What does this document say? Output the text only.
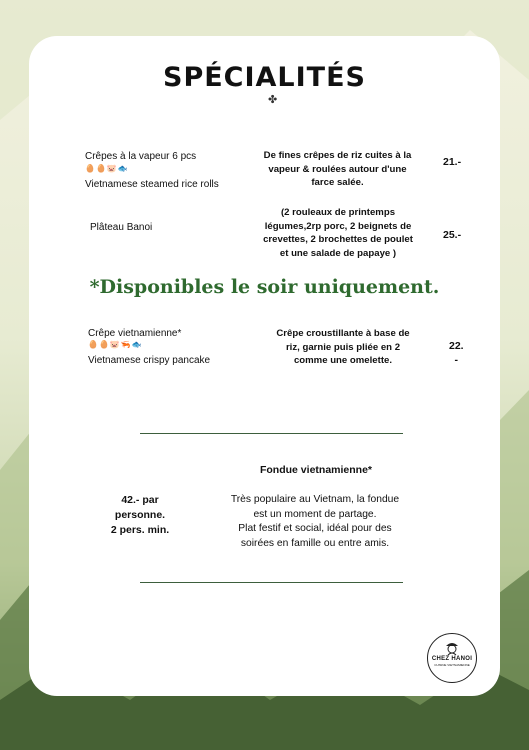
SPÉCIALITÉS
✤
Crêpes à la vapeur 6 pcs
🥚🥚🐷🐟
Vietnamese steamed rice rolls
De fines crêpes de riz cuites à la
vapeur & roulées autour d'une
farce salée.
21.-
Plâteau Banoi
(2 rouleaux de printemps
légumes,2rp porc, 2 beignets de
crevettes, 2 brochettes de poulet
et une salade de papaye )
25.-
*Disponibles le soir uniquement.
Crêpe vietnamienne*
🥚🥚🐷🦐🐟
Vietnamese crispy pancake
Crêpe croustillante à base de
riz, garnie puis pliée en 2
comme une omelette.
22.
-
Fondue vietnamienne*
42.- par
personne.
2 pers. min.
Très populaire au Vietnam, la fondue
est un moment de partage.
Plat festif et social, idéal pour des
soirées en famille ou entre amis.
CHEZ HANOI
CUISINE VIETNAMIENNE
